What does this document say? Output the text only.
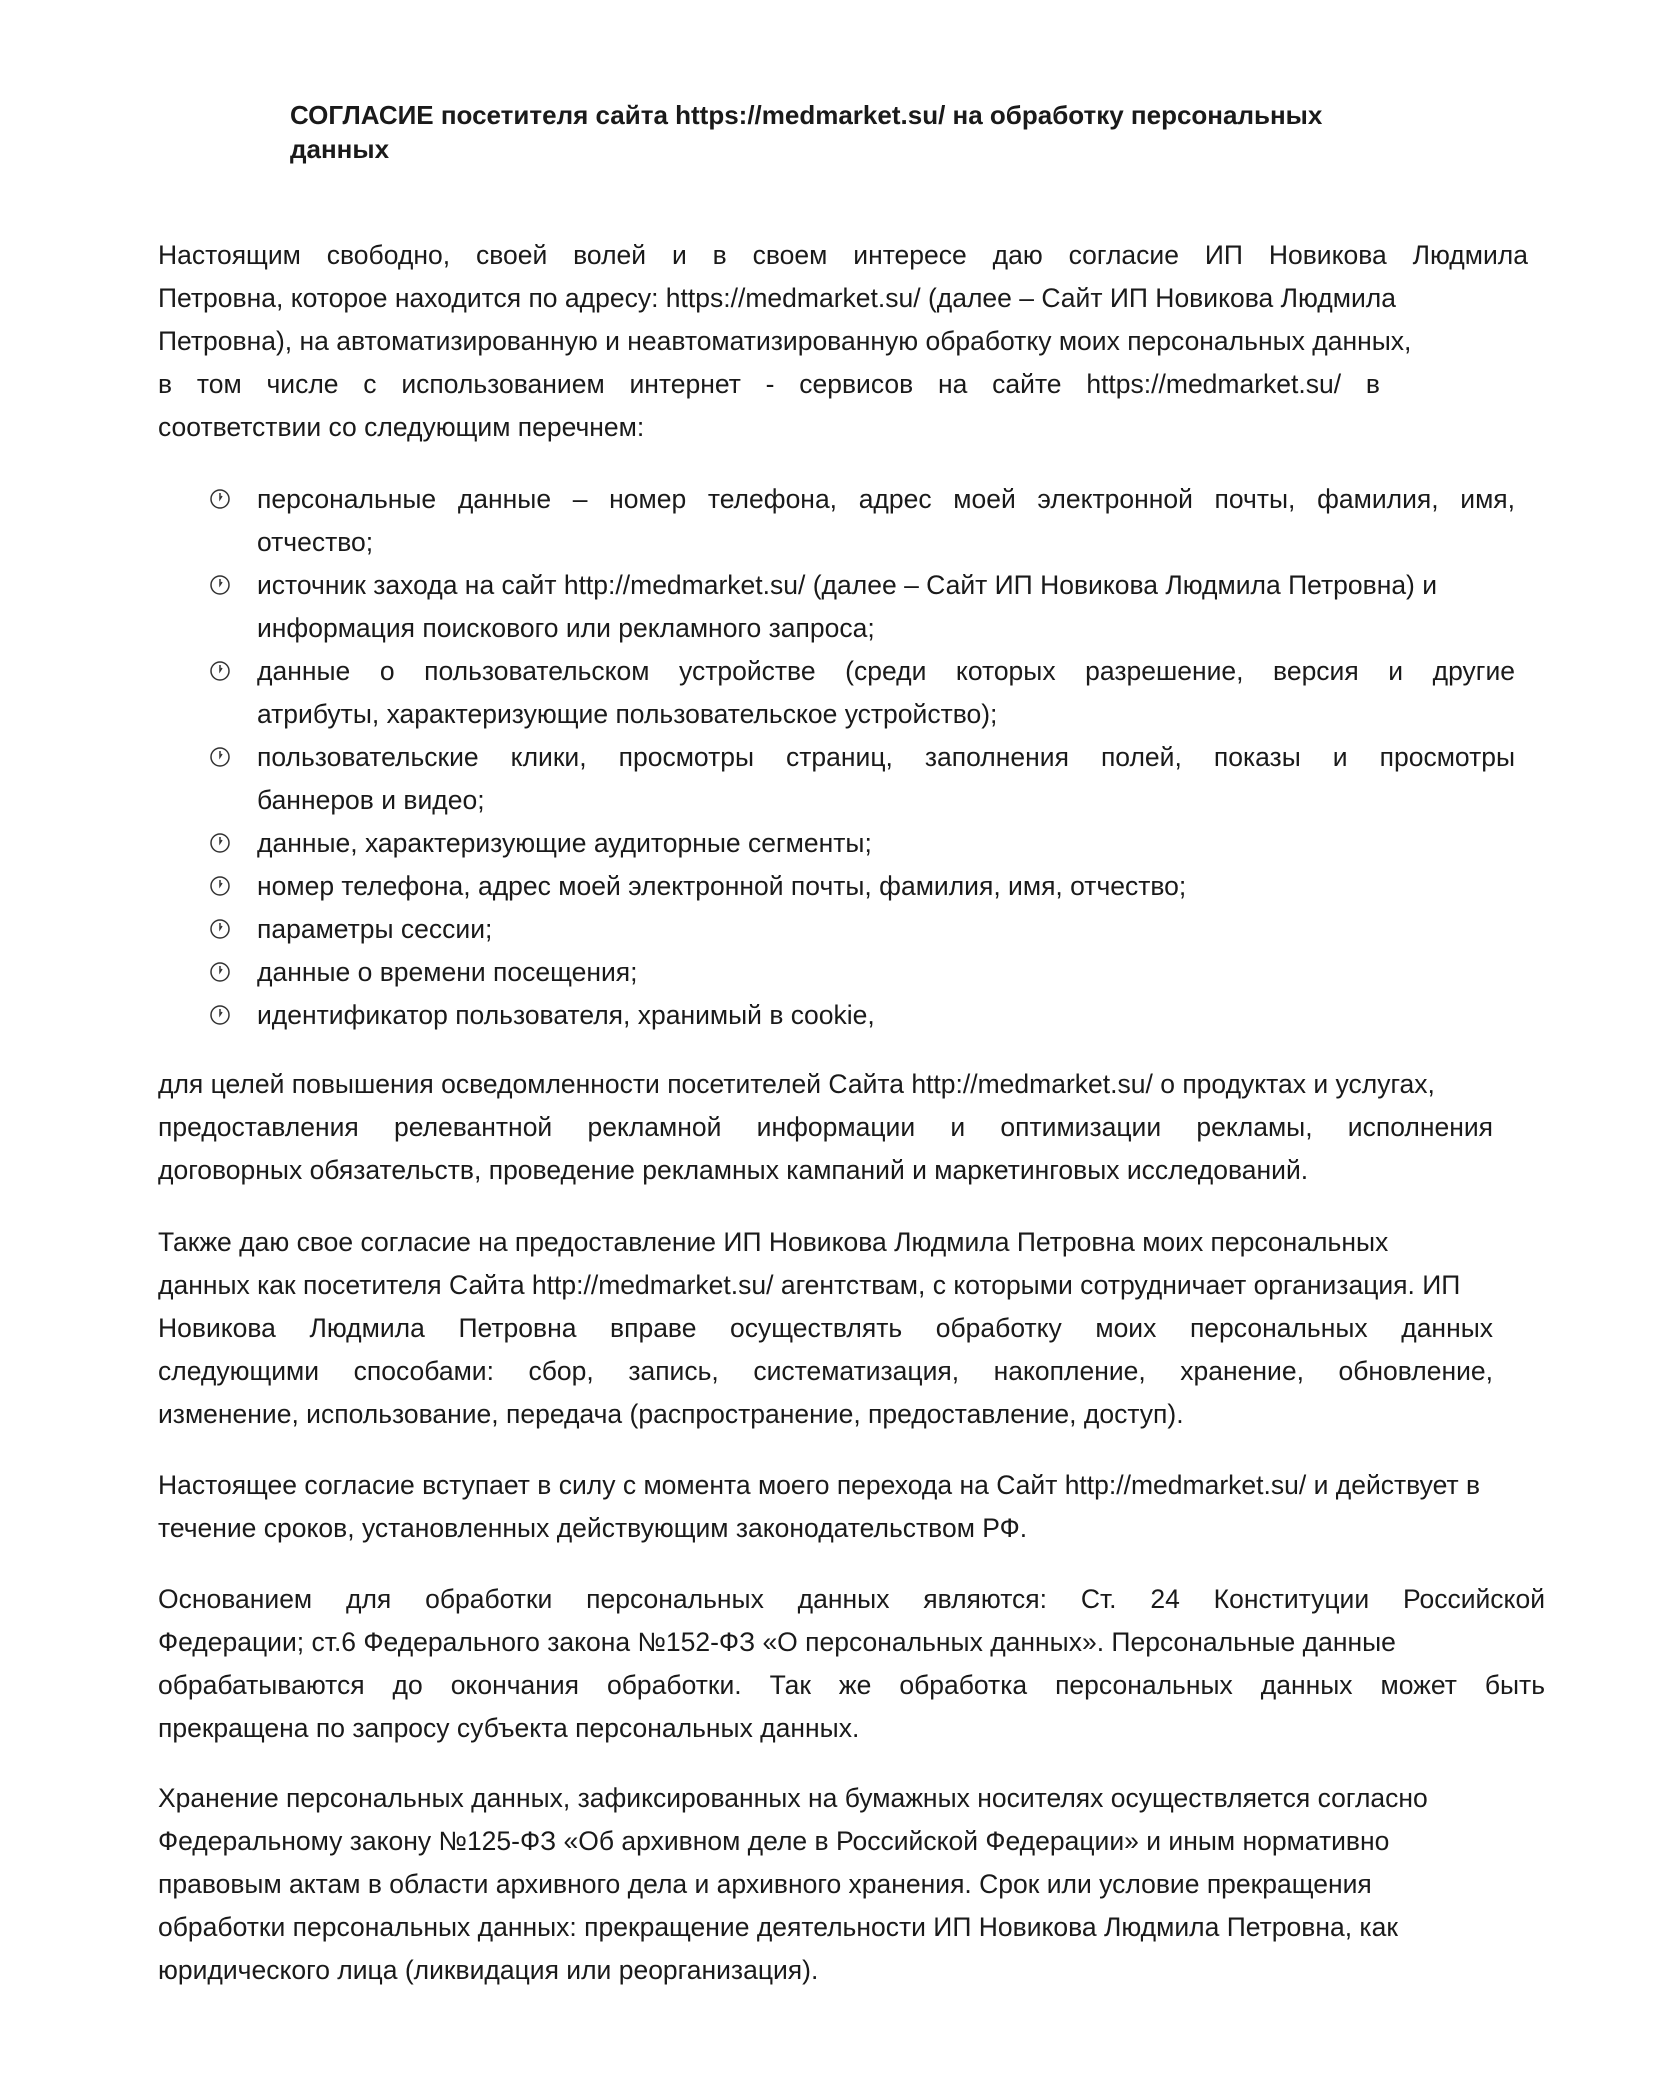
СОГЛАСИЕ посетителя сайта https://medmarket.su/ на обработку персональных
данных
Настоящим свободно, своей волей и в своем интересе даю согласие ИП Новикова Людмила
Петровна, которое находится по адресу: https://medmarket.su/ (далее – Сайт ИП Новикова Людмила
Петровна), на автоматизированную и неавтоматизированную обработку моих персональных данных,
в том числе с использованием интернет - сервисов на сайте https://medmarket.su/ в
соответствии со следующим перечнем:
персональные данные – номер телефона, адрес моей электронной почты, фамилия, имя,
отчество;
источник захода на сайт http://medmarket.su/ (далее – Сайт ИП Новикова Людмила Петровна) и
информация поискового или рекламного запроса;
данные о пользовательском устройстве (среди которых разрешение, версия и другие
атрибуты, характеризующие пользовательское устройство);
пользовательские клики, просмотры страниц, заполнения полей, показы и просмотры
баннеров и видео;
данные, характеризующие аудиторные сегменты;
номер телефона, адрес моей электронной почты, фамилия, имя, отчество;
параметры сессии;
данные о времени посещения;
идентификатор пользователя, хранимый в cookie,
для целей повышения осведомленности посетителей Сайта http://medmarket.su/ о продуктах и услугах,
предоставления релевантной рекламной информации и оптимизации рекламы, исполнения
договорных обязательств, проведение рекламных кампаний и маркетинговых исследований.
Также даю свое согласие на предоставление ИП Новикова Людмила Петровна моих персональных
данных как посетителя Сайта http://medmarket.su/ агентствам, с которыми сотрудничает организация. ИП
Новикова Людмила Петровна вправе осуществлять обработку моих персональных данных
следующими способами: сбор, запись, систематизация, накопление, хранение, обновление,
изменение, использование, передача (распространение, предоставление, доступ).
Настоящее согласие вступает в силу с момента моего перехода на Сайт http://medmarket.su/ и действует в
течение сроков, установленных действующим законодательством РФ.
Основанием для обработки персональных данных являются: Ст. 24 Конституции Российской
Федерации; ст.6 Федерального закона №152-ФЗ «О персональных данных». Персональные данные
обрабатываются до окончания обработки. Так же обработка персональных данных может быть
прекращена по запросу субъекта персональных данных.
Хранение персональных данных, зафиксированных на бумажных носителях осуществляется согласно
Федеральному закону №125-ФЗ «Об архивном деле в Российской Федерации» и иным нормативно
правовым актам в области архивного дела и архивного хранения. Срок или условие прекращения
обработки персональных данных: прекращение деятельности ИП Новикова Людмила Петровна, как
юридического лица (ликвидация или реорганизация).
